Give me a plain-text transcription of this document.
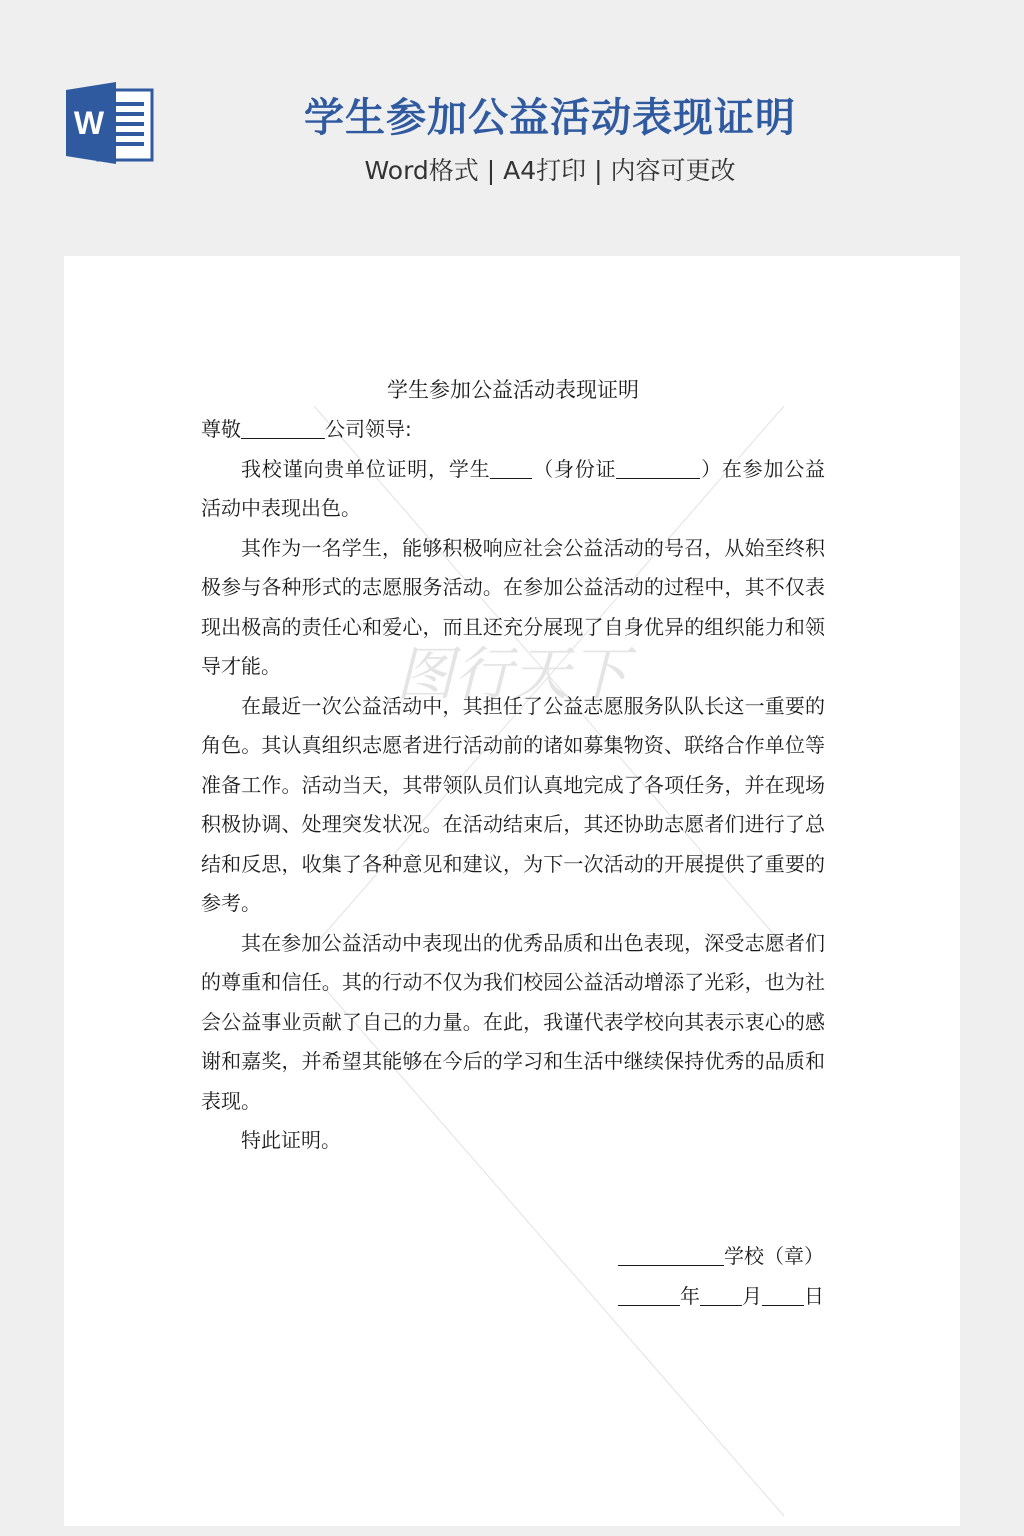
W	学生参加公益活动表现证明
Word格式 | A4打印 | 内容可更改
图行天下
学生参加公益活动表现证明

尊敬	公司领导:

我校谨向贵单位证明，学生 （身份证	）在参加公益活动中表现出色。

其作为一名学生，能够积极响应社会公益活动的号召，从始至终积极参与各种形式的志愿服务活动。在参加公益活动的过程中，其不仅表现出极高的责任心和爱心，而且还充分展现了自身优异的组织能力和领导才能。

在最近一次公益活动中，其担任了公益志愿服务队队长这一重要的角色。其认真组织志愿者进行活动前的诸如募集物资、联络合作单位等准备工作。活动当天，其带领队员们认真地完成了各项任务，并在现场积极协调、处理突发状况。在活动结束后，其还协助志愿者们进行了总结和反思，收集了各种意见和建议，为下一次活动的开展提供了重要的参考。

其在参加公益活动中表现出的优秀品质和出色表现，深受志愿者们的尊重和信任。其的行动不仅为我们校园公益活动增添了光彩，也为社会公益事业贡献了自己的力量。在此，我谨代表学校向其表示衷心的感谢和嘉奖，并希望其能够在今后的学习和生活中继续保持优秀的品质和表现。

特此证明。

学校（章）
年 月 日
